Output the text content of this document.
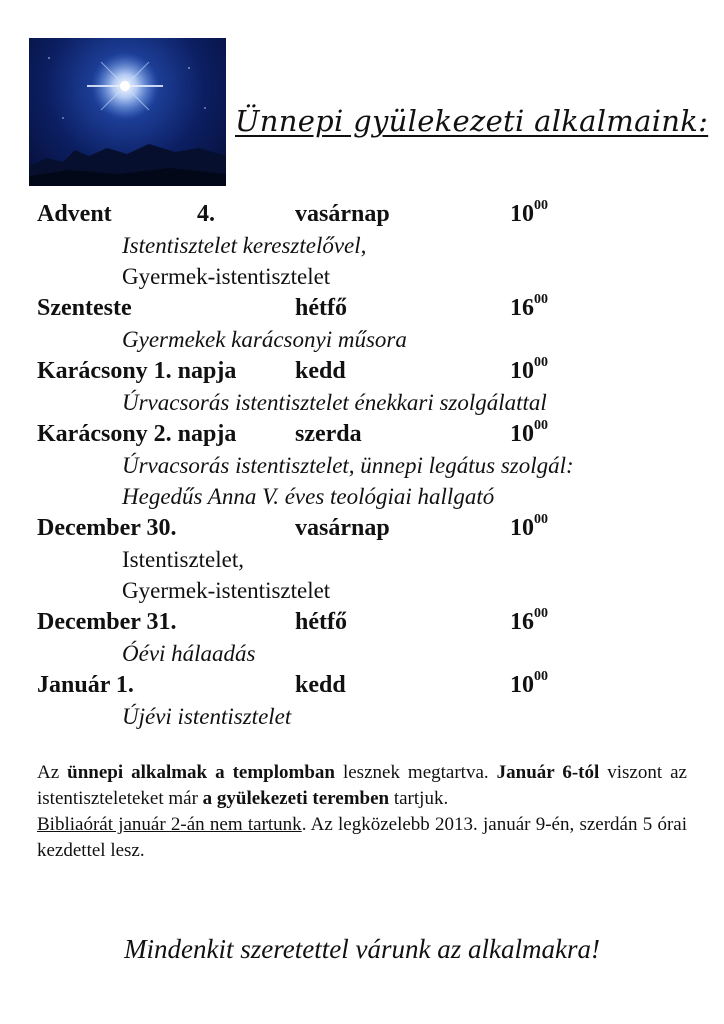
Ünnepi gyülekezeti alkalmaink:
Advent	4.	vasárnap	$10^{00}$
Istentisztelet keresztelővel,
Gyermek-istentisztelet
Szenteste	hétfő	$16^{00}$
Gyermekek karácsonyi műsora
Karácsony 1. napja	kedd	$10^{00}$
Úrvacsorás istentisztelet énekkari szolgálattal
Karácsony 2. napja	szerda	$10^{00}$
Úrvacsorás istentisztelet, ünnepi legátus szolgál:
Hegedűs Anna V. éves teológiai hallgató
December 30.	vasárnap	$10^{00}$
Istentisztelet,
Gyermek-istentisztelet
December 31.	hétfő	$16^{00}$
Óévi hálaadás
Január 1.	kedd	$10^{00}$
Újévi istentisztelet

Az ünnepi alkalmak a templomban lesznek megtartva. Január 6-tól viszont az istentiszteleteket már a gyülekezeti teremben tartjuk.

Bibliaórát január 2-án nem tartunk. Az legközelebb 2013. január 9-én, szerdán 5 órai kezdettel lesz.

Mindenkit szeretettel várunk az alkalmakra!
